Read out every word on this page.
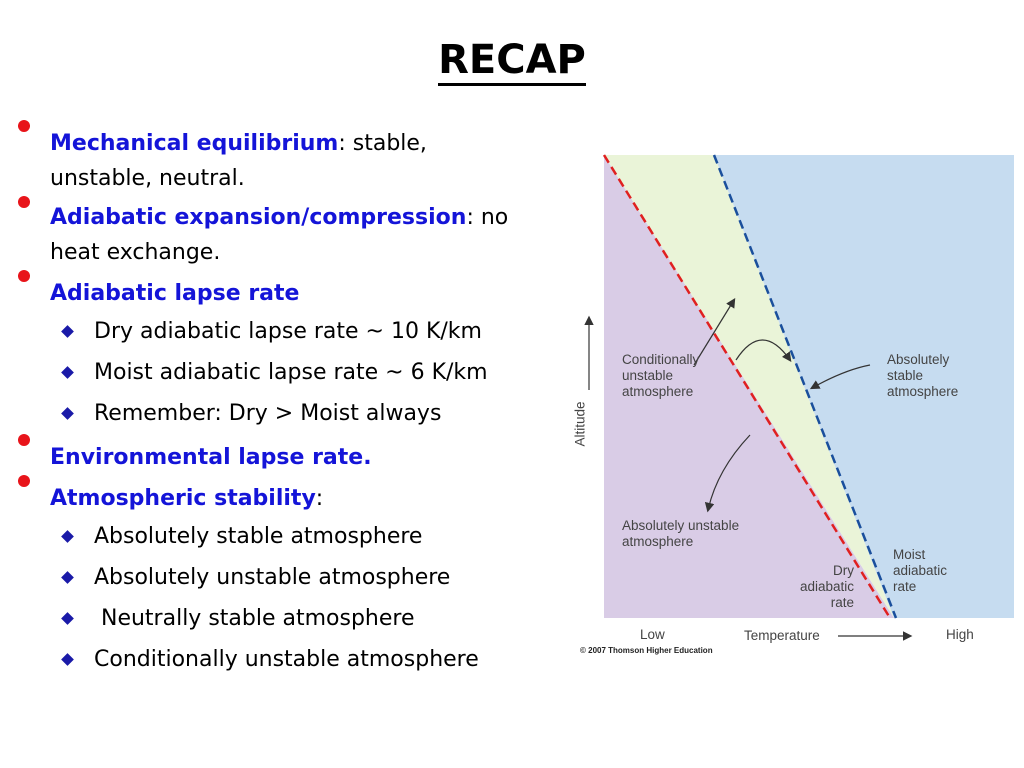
RECAP
Mechanical equilibrium: stable,
unstable, neutral.
Adiabatic expansion/compression: no
heat exchange.
Adiabatic lapse rate
Dry adiabatic lapse rate ~ 10 K/km
Moist adiabatic lapse rate ~ 6 K/km
Remember: Dry > Moist always
Environmental lapse rate.
Atmospheric stability:
Absolutely stable atmosphere
Absolutely unstable atmosphere
Neutrally stable atmosphere
Conditionally unstable atmosphere
Conditionally unstable atmosphere
Absolutely stable atmosphere
Absolutely unstable atmosphere
Dry adiabatic rate
Moist adiabatic rate
Altitude
Low	Temperature	High
© 2007 Thomson Higher Education
